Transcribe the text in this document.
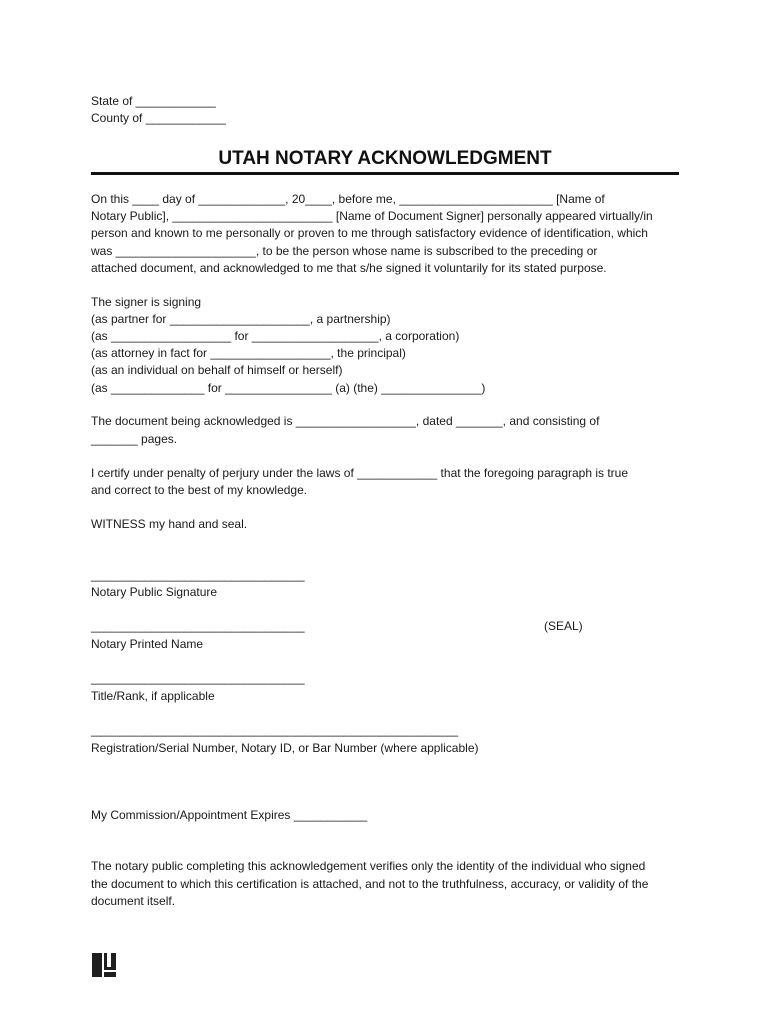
State of ____________
County of ____________
UTAH NOTARY ACKNOWLEDGMENT
On this ____ day of _____________, 20____, before me, _______________________ [Name of
Notary Public], ________________________ [Name of Document Signer] personally appeared virtually/in
person and known to me personally or proven to me through satisfactory evidence of identification, which
was _____________________, to be the person whose name is subscribed to the preceding or
attached document, and acknowledged to me that s/he signed it voluntarily for its stated purpose.
The signer is signing
(as partner for _____________________, a partnership)
(as __________________ for ___________________, a corporation)
(as attorney in fact for __________________, the principal)
(as an individual on behalf of himself or herself)
(as ______________ for ________________ (a) (the) _______________)
The document being acknowledged is __________________, dated _______, and consisting of
_______ pages.
I certify under penalty of perjury under the laws of ____________ that the foregoing paragraph is true
and correct to the best of my knowledge.
WITNESS my hand and seal.
________________________________
Notary Public Signature
________________________________
Notary Printed Name
(SEAL)
________________________________
Title/Rank, if applicable
_______________________________________________________
Registration/Serial Number, Notary ID, or Bar Number (where applicable)
My Commission/Appointment Expires ___________
The notary public completing this acknowledgement verifies only the identity of the individual who signed
the document to which this certification is attached, and not to the truthfulness, accuracy, or validity of the
document itself.
